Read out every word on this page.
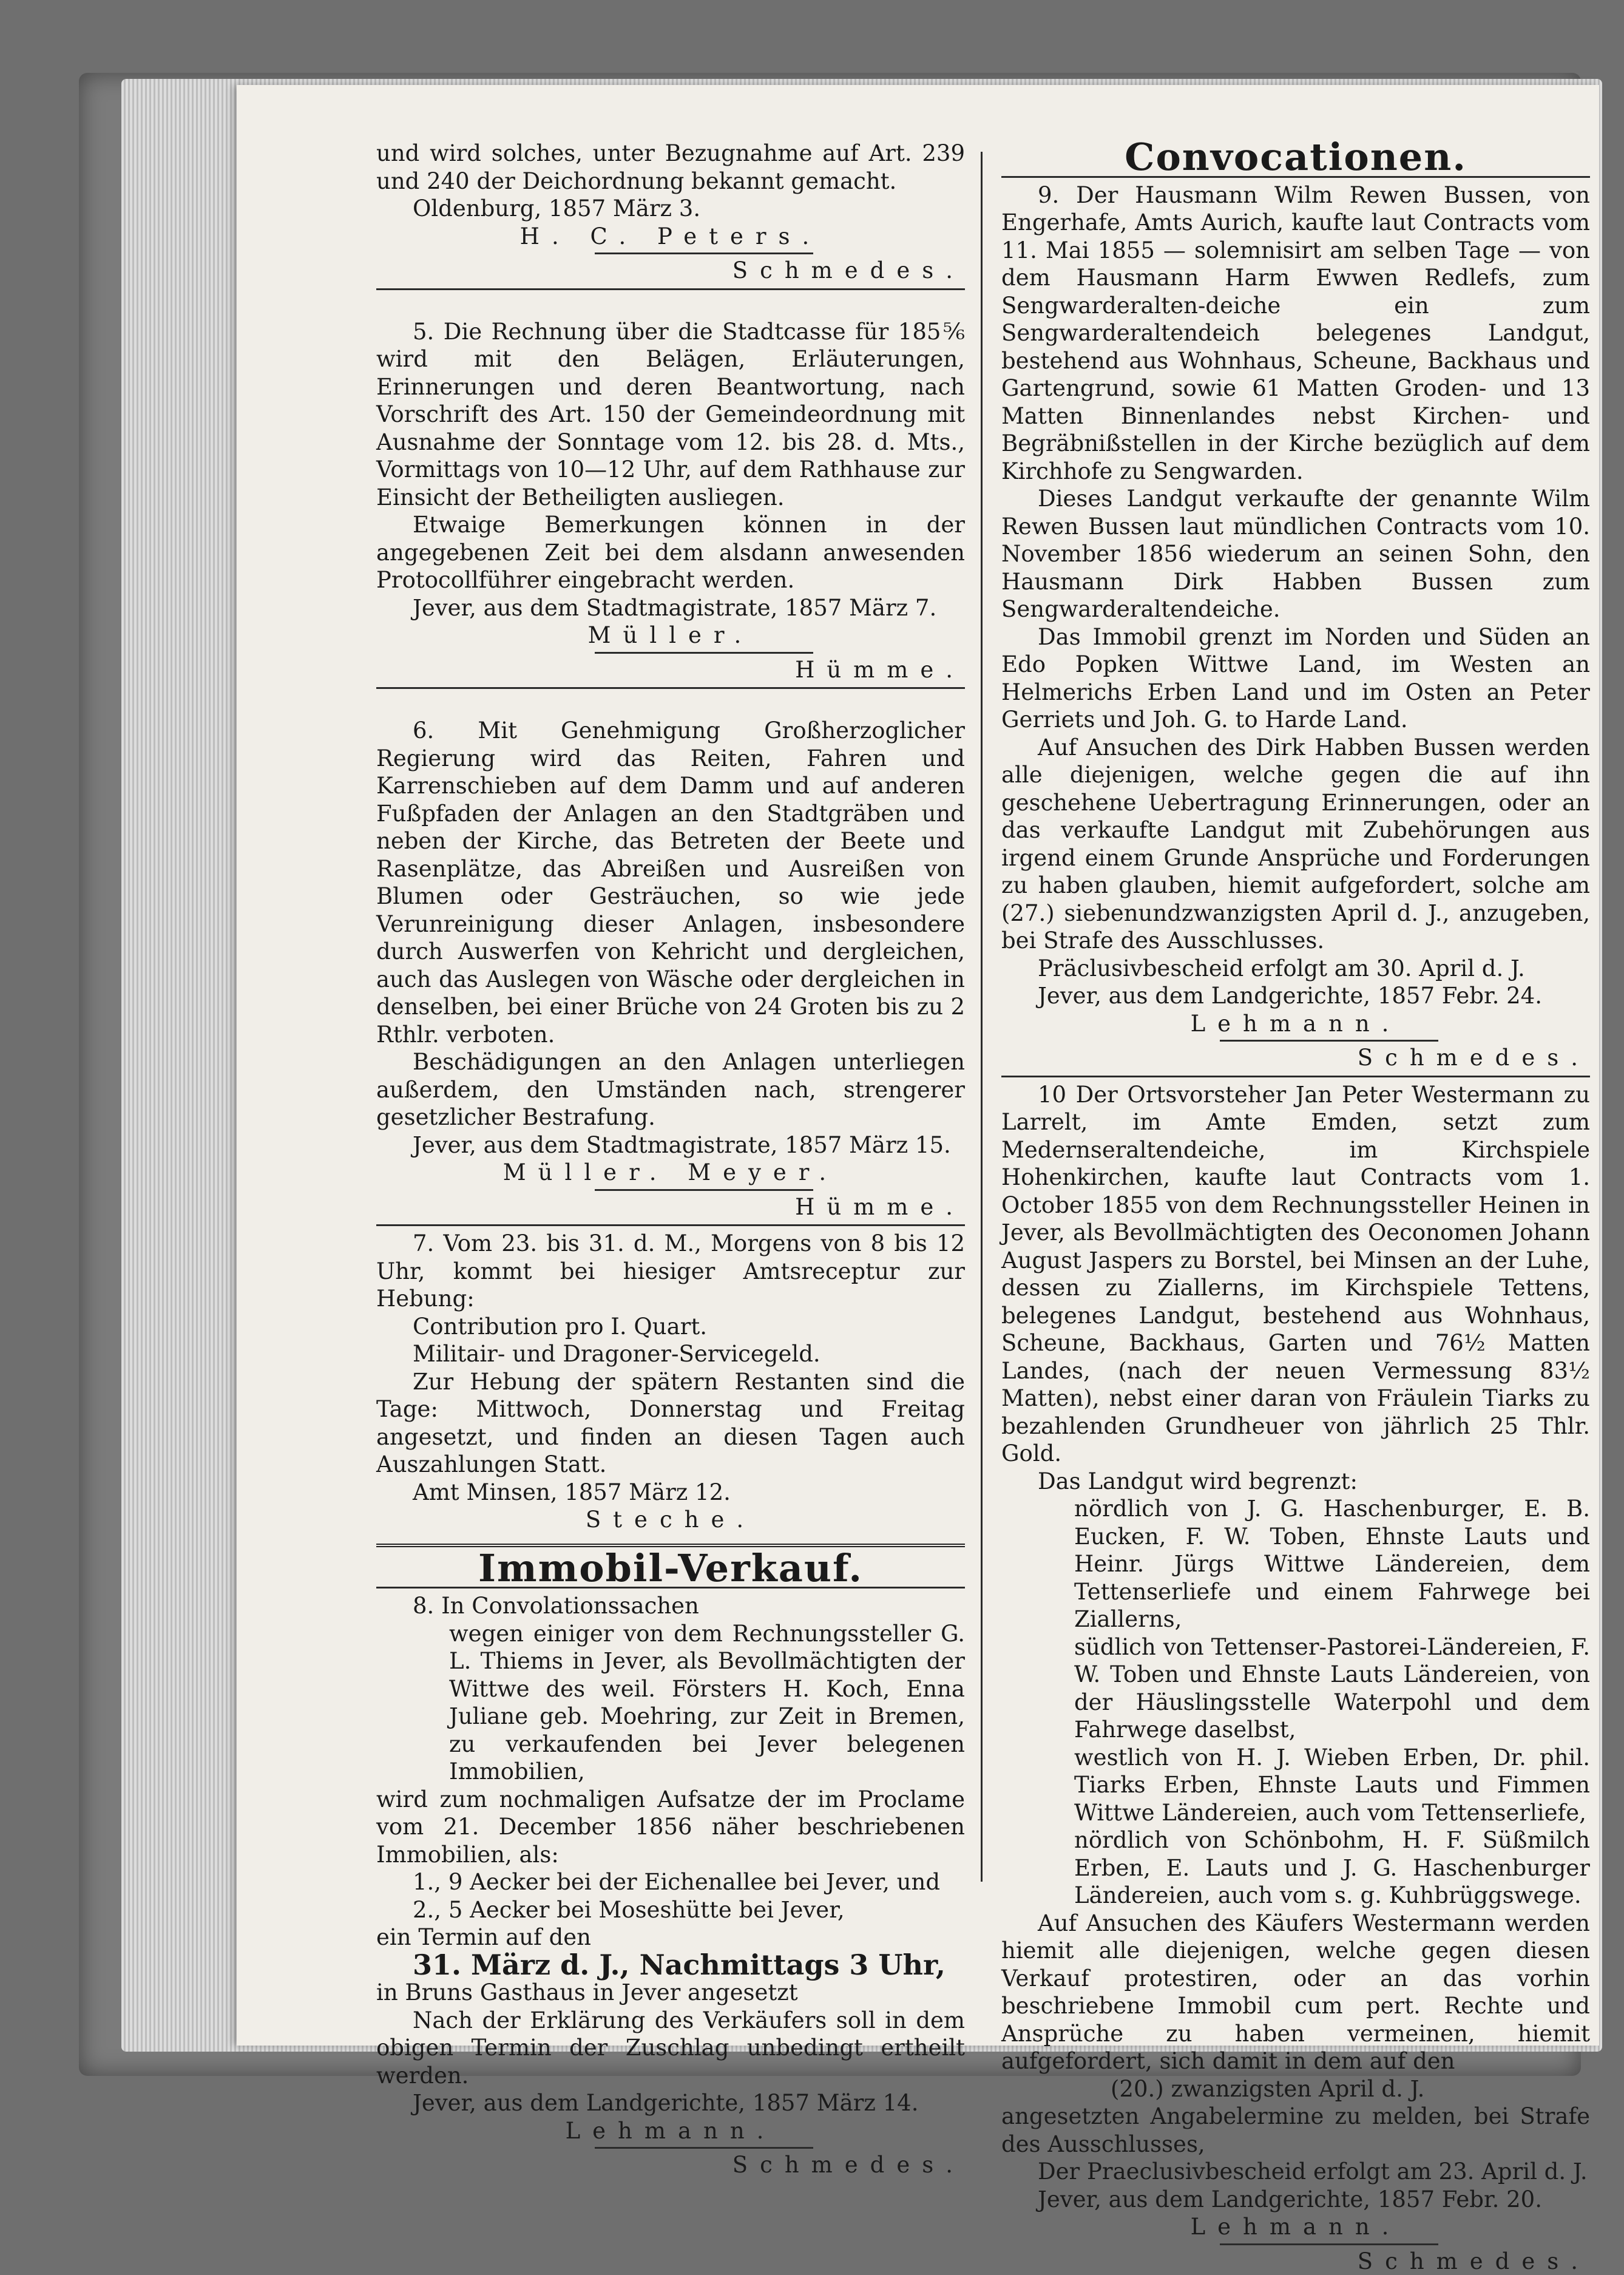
und wird solches, unter Bezugnahme auf Art. 239 und 240 der Deichordnung bekannt gemacht.

Oldenburg, 1857 März 3.

H. C. Peters.

Schmedes.

5. Die Rechnung über die Stadtcasse für 185⅚ wird mit den Belägen, Erläuterungen, Erinnerungen und deren Beantwortung, nach Vorschrift des Art. 150 der Gemeindeordnung mit Ausnahme der Sonntage vom 12. bis 28. d. Mts., Vormittags von 10—12 Uhr, auf dem Rathhause zur Einsicht der Betheiligten ausliegen.

Etwaige Bemerkungen können in der angegebenen Zeit bei dem alsdann anwesenden Protocollführer eingebracht werden.

Jever, aus dem Stadtmagistrate, 1857 März 7.

Müller.

Hümme.

6. Mit Genehmigung Großherzoglicher Regierung wird das Reiten, Fahren und Karrenschieben auf dem Damm und auf anderen Fußpfaden der Anlagen an den Stadtgräben und neben der Kirche, das Betreten der Beete und Rasenplätze, das Abreißen und Ausreißen von Blumen oder Gesträuchen, so wie jede Verunreinigung dieser Anlagen, insbesondere durch Auswerfen von Kehricht und dergleichen, auch das Auslegen von Wäsche oder dergleichen in denselben, bei einer Brüche von 24 Groten bis zu 2 Rthlr. verboten.

Beschädigungen an den Anlagen unterliegen außerdem, den Umständen nach, strengerer gesetzlicher Bestrafung.

Jever, aus dem Stadtmagistrate, 1857 März 15.

Müller. Meyer.

Hümme.

7. Vom 23. bis 31. d. M., Morgens von 8 bis 12 Uhr, kommt bei hiesiger Amtsreceptur zur Hebung:

Contribution pro I. Quart.

Militair- und Dragoner-Servicegeld.

Zur Hebung der spätern Restanten sind die Tage: Mittwoch, Donnerstag und Freitag angesetzt, und finden an diesen Tagen auch Auszahlungen Statt.

Amt Minsen, 1857 März 12.

Steche.

Immobil-Verkauf.

8. In Convolationssachen

wegen einiger von dem Rechnungssteller G. L. Thiems in Jever, als Bevollmächtigten der Wittwe des weil. Försters H. Koch, Enna Juliane geb. Moehring, zur Zeit in Bremen, zu verkaufenden bei Jever belegenen Immobilien,

wird zum nochmaligen Aufsatze der im Proclame vom 21. December 1856 näher beschriebenen Immobilien, als:

1., 9 Aecker bei der Eichenallee bei Jever, und

2., 5 Aecker bei Moseshütte bei Jever,

ein Termin auf den

31. März d. J., Nachmittags 3 Uhr,

in Bruns Gasthaus in Jever angesetzt

Nach der Erklärung des Verkäufers soll in dem obigen Termin der Zuschlag unbedingt ertheilt werden.

Jever, aus dem Landgerichte, 1857 März 14.

Lehmann.

Schmedes.

Convocationen.

9. Der Hausmann Wilm Rewen Bussen, von Engerhafe, Amts Aurich, kaufte laut Contracts vom 11. Mai 1855 — solemnisirt am selben Tage — von dem Hausmann Harm Ewwen Redlefs, zum Sengwarderalten-deiche ein zum Sengwarderaltendeich belegenes Landgut, bestehend aus Wohnhaus, Scheune, Backhaus und Gartengrund, sowie 61 Matten Groden- und 13 Matten Binnenlandes nebst Kirchen- und Begräbnißstellen in der Kirche bezüglich auf dem Kirchhofe zu Sengwarden.

Dieses Landgut verkaufte der genannte Wilm Rewen Bussen laut mündlichen Contracts vom 10. November 1856 wiederum an seinen Sohn, den Hausmann Dirk Habben Bussen zum Sengwarderaltendeiche.

Das Immobil grenzt im Norden und Süden an Edo Popken Wittwe Land, im Westen an Helmerichs Erben Land und im Osten an Peter Gerriets und Joh. G. to Harde Land.

Auf Ansuchen des Dirk Habben Bussen werden alle diejenigen, welche gegen die auf ihn geschehene Uebertragung Erinnerungen, oder an das verkaufte Landgut mit Zubehörungen aus irgend einem Grunde Ansprüche und Forderungen zu haben glauben, hiemit aufgefordert, solche am (27.) siebenundzwanzigsten April d. J., anzugeben, bei Strafe des Ausschlusses.

Präclusivbescheid erfolgt am 30. April d. J.

Jever, aus dem Landgerichte, 1857 Febr. 24.

Lehmann.

Schmedes.

10 Der Ortsvorsteher Jan Peter Westermann zu Larrelt, im Amte Emden, setzt zum Medernseraltendeiche, im Kirchspiele Hohenkirchen, kaufte laut Contracts vom 1. October 1855 von dem Rechnungssteller Heinen in Jever, als Bevollmächtigten des Oeconomen Johann August Jaspers zu Borstel, bei Minsen an der Luhe, dessen zu Ziallerns, im Kirchspiele Tettens, belegenes Landgut, bestehend aus Wohnhaus, Scheune, Backhaus, Garten und 76½ Matten Landes, (nach der neuen Vermessung 83½ Matten), nebst einer daran von Fräulein Tiarks zu bezahlenden Grundheuer von jährlich 25 Thlr. Gold.

Das Landgut wird begrenzt:

nördlich von J. G. Haschenburger, E. B. Eucken, F. W. Toben, Ehnste Lauts und Heinr. Jürgs Wittwe Ländereien, dem Tettenserliefe und einem Fahrwege bei Ziallerns,

südlich von Tettenser-Pastorei-Ländereien, F. W. Toben und Ehnste Lauts Ländereien, von der Häuslingsstelle Waterpohl und dem Fahrwege daselbst,

westlich von H. J. Wieben Erben, Dr. phil. Tiarks Erben, Ehnste Lauts und Fimmen Wittwe Ländereien, auch vom Tettenserliefe,

nördlich von Schönbohm, H. F. Süßmilch Erben, E. Lauts und J. G. Haschenburger Ländereien, auch vom s. g. Kuhbrüggswege.

Auf Ansuchen des Käufers Westermann werden hiemit alle diejenigen, welche gegen diesen Verkauf protestiren, oder an das vorhin beschriebene Immobil cum pert. Rechte und Ansprüche zu haben vermeinen, hiemit aufgefordert, sich damit in dem auf den

(20.) zwanzigsten April d. J.

angesetzten Angabelermine zu melden, bei Strafe des Ausschlusses,

Der Praeclusivbescheid erfolgt am 23. April d. J.

Jever, aus dem Landgerichte, 1857 Febr. 20.

Lehmann.

Schmedes.
